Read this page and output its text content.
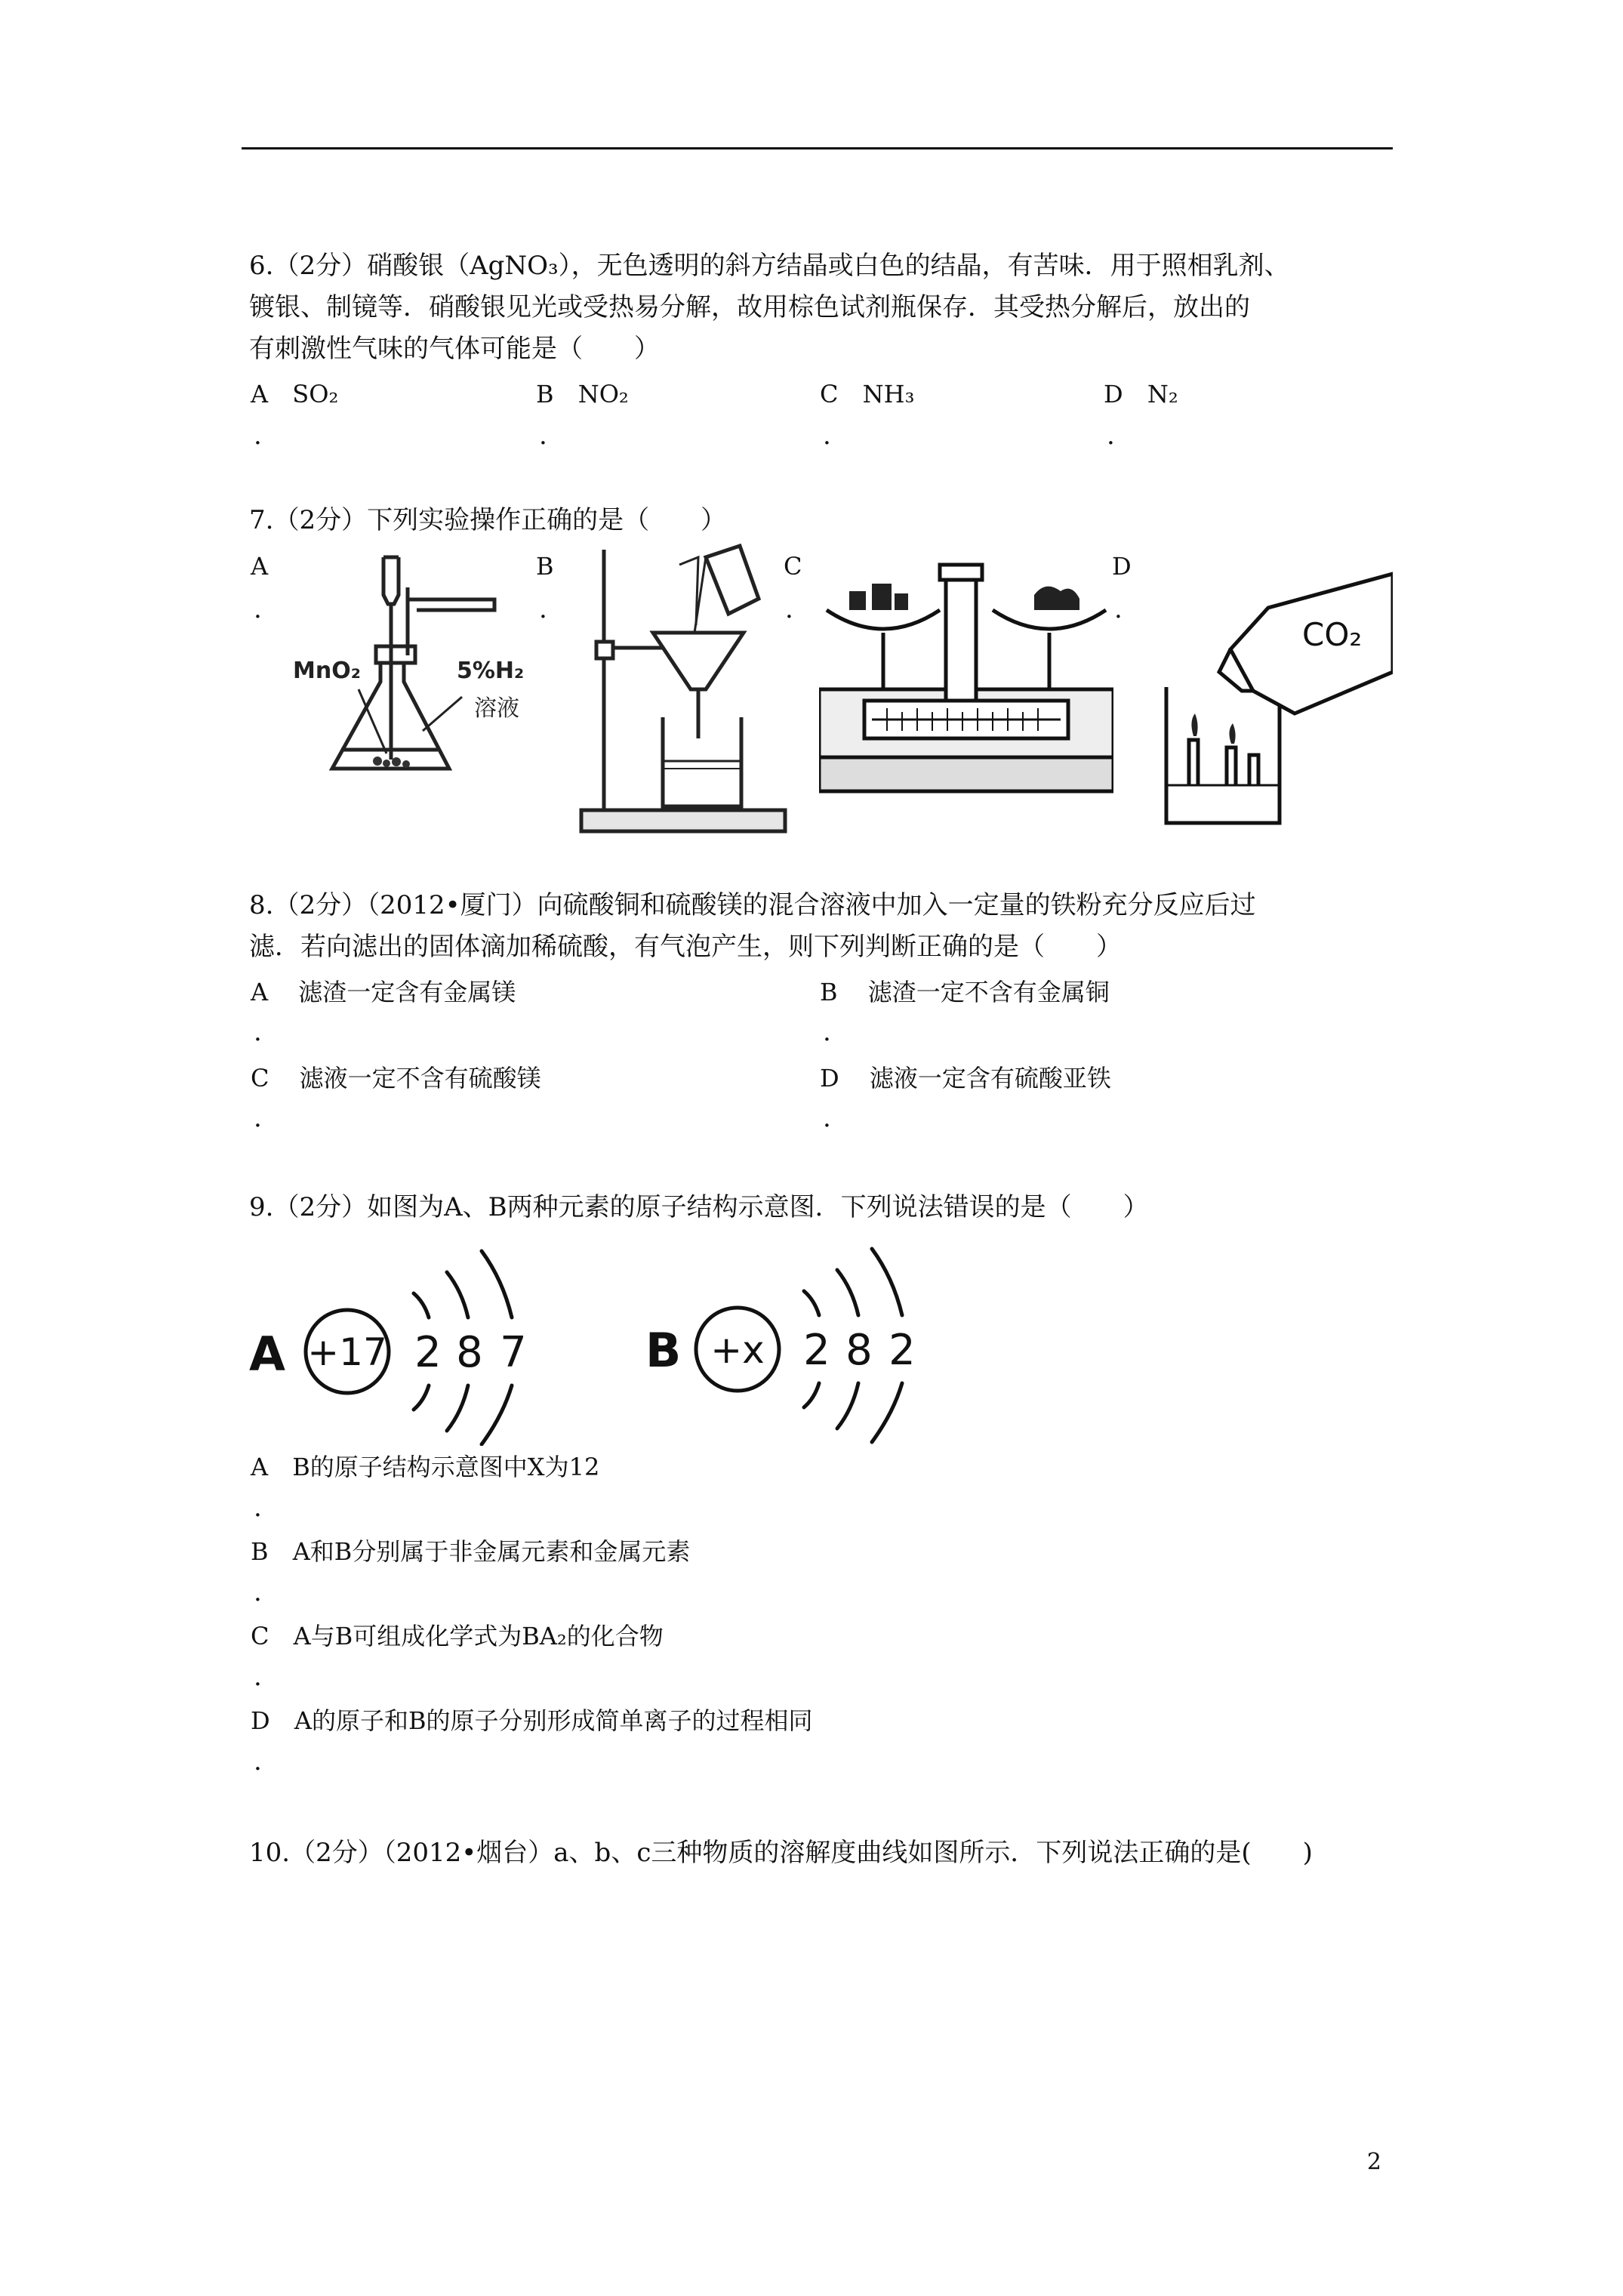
6.（2分）硝酸银（AgNO₃），无色透明的斜方结晶或白色的结晶，有苦味．用于照相乳剂、
镀银、制镜等．硝酸银见光或受热易分解，故用棕色试剂瓶保存．其受热分解后，放出的
有刺激性气味的气体可能是（　　）
A SO₂
.
B NO₂
.
C NH₃
.
D N₂
.
7.（2分）下列实验操作正确的是（　　）
A
.
B
.
C
.
D
.
MnO₂	5%H₂
溶液
CO₂
8.（2分）（2012•厦门）向硫酸铜和硫酸镁的混合溶液中加入一定量的铁粉充分反应后过
滤．若向滤出的固体滴加稀硫酸，有气泡产生，则下列判断正确的是（　　）
A 滤渣一定含有金属镁
.
B 滤渣一定不含有金属铜
.
C 滤液一定不含有硫酸镁
.
D 滤液一定含有硫酸亚铁
.
9.（2分）如图为A、B两种元素的原子结构示意图．下列说法错误的是（　　）
A +17 2 8 7	B +x 2 8 2
A B的原子结构示意图中X为12
.
B A和B分别属于非金属元素和金属元素
.
C A与B可组成化学式为BA₂的化合物
.
D A的原子和B的原子分别形成简单离子的过程相同
.
10.（2分）（2012•烟台）a、b、c三种物质的溶解度曲线如图所示．下列说法正确的是(　　)
2
